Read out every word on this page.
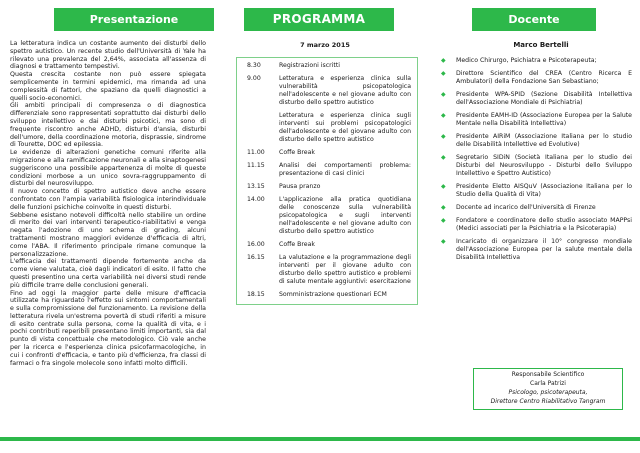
Presentazione

La letteratura indica un costante aumento dei disturbi dello spettro autistico. Un recente studio dell'Università di Yale ha rilevato una prevalenza del 2,64%, associata all'assenza di diagnosi e trattamento tempestivi.

Questa crescita costante non può essere spiegata semplicemente in termini epidemici, ma rimanda ad una complessità di fattori, che spaziano da quelli diagnostici a quelli socio-economici.

Gli ambiti principali di compresenza o di diagnostica differenziale sono rappresentati soprattutto dai disturbi dello sviluppo intellettivo e dai disturbi psicotici, ma sono di frequente riscontro anche ADHD, disturbi d'ansia, disturbi dell'umore, della coordinazione motoria, disprassie, sindrome di Tourette, DOC ed epilessia.

Le evidenze di alterazioni genetiche comuni riferite alla migrazione e alla ramificazione neuronali e alla sinaptogenesi suggeriscono una possibile appartenenza di molte di queste condizioni morbose a un unico sovra-raggruppamento di disturbi del neurosviluppo.

Il nuovo concetto di spettro autistico deve anche essere confrontato con l'ampia variabilità fisiologica interindividuale delle funzioni psichiche coinvolte in questi disturbi.

Sebbene esistano notevoli difficoltà nello stabilire un ordine di merito dei vari interventi terapeutico-riabilitativi e venga negata l'adozione di uno schema di grading, alcuni trattamenti mostrano maggiori evidenze d'efficacia di altri, come l'ABA. Il riferimento principale rimane comunque la personalizzazione.

L'efficacia dei trattamenti dipende fortemente anche da come viene valutata, cioè dagli indicatori di esito. Il fatto che questi presentino una certa variabilità nei diversi studi rende più difficile trarre delle conclusioni generali.

Fino ad oggi la maggior parte delle misure d'efficacia utilizzate ha riguardato l'effetto sui sintomi comportamentali e sulla compromissione del funzionamento. La revisione della letteratura rivela un'estrema povertà di studi riferiti a misure di esito centrate sulla persona, come la qualità di vita, e i pochi contributi reperibili presentano limiti importanti, sia dal punto di vista concettuale che metodologico. Ciò vale anche per la ricerca e l'esperienza clinica psicofarmacologiche, in cui i confronti d'efficacia, e tanto più d'efficienza, fra classi di farmaci o fra singole molecole sono infatti molto difficili.

PROGRAMMA
7 marzo 2015
8.30	Registrazioni iscritti
9.00	Letteratura e esperienza clinica sulla vulnerabilità psicopatologica nell'adolescente e nel giovane adulto con disturbo dello spettro autistico
Letteratura e esperienza clinica sugli interventi sui problemi psicopatologici dell'adolescente e del giovane adulto con disturbo dello spettro autistico
11.00	Coffe Break
11.15	Analisi dei comportamenti problema: presentazione di casi clinici
13.15	Pausa pranzo
14.00	L'applicazione alla pratica quotidiana delle conoscenze sulla vulnerabilità psicopatologica e sugli interventi nell'adolescente e nel giovane adulto con disturbo dello spettro autistico
16.00	Coffe Break
16.15	La valutazione e la programmazione degli interventi per il giovane adulto con disturbo dello spettro autistico e problemi di salute mentale aggiuntivi: esercitazione
18.15	Somministrazione questionari ECM
Docente
Marco Bertelli
◆	Medico Chirurgo, Psichiatra e Psicoterapeuta;
◆	Direttore Scientifico del CREA (Centro Ricerca E Ambulatori) della Fondazione San Sebastiano;
◆	Presidente WPA-SPID (Sezione Disabilità Intellettiva dell'Associazione Mondiale di Psichiatria)
◆	Presidente EAMH-ID (Associazione Europea per la Salute Mentale nella Disabilità Intellettiva)
◆	Presidente AIRiM (Associazione Italiana per lo studio delle Disabilità Intellettive ed Evolutive)
◆	Segretario SIDiN (Società Italiana per lo studio dei Disturbi del Neurosviluppo - Disturbi dello Sviluppo Intellettivo e Spettro Autistico)
◆	Presidente Eletto AISQuV (Associazione Italiana per lo Studio della Qualità di Vita)
◆	Docente ad incarico dell'Università di Firenze
◆	Fondatore e coordinatore dello studio associato MAPPsi (Medici associati per la Psichiatria e la Psicoterapia)
◆	Incaricato di organizzare il 10° congresso mondiale dell'Associazione Europea per la salute mentale della Disabilità Intellettiva
Responsabile Scientifico
Carla Patrizi
Psicologo, psicoterapeuta,
Direttore Centro Riabilitativo Tangram
